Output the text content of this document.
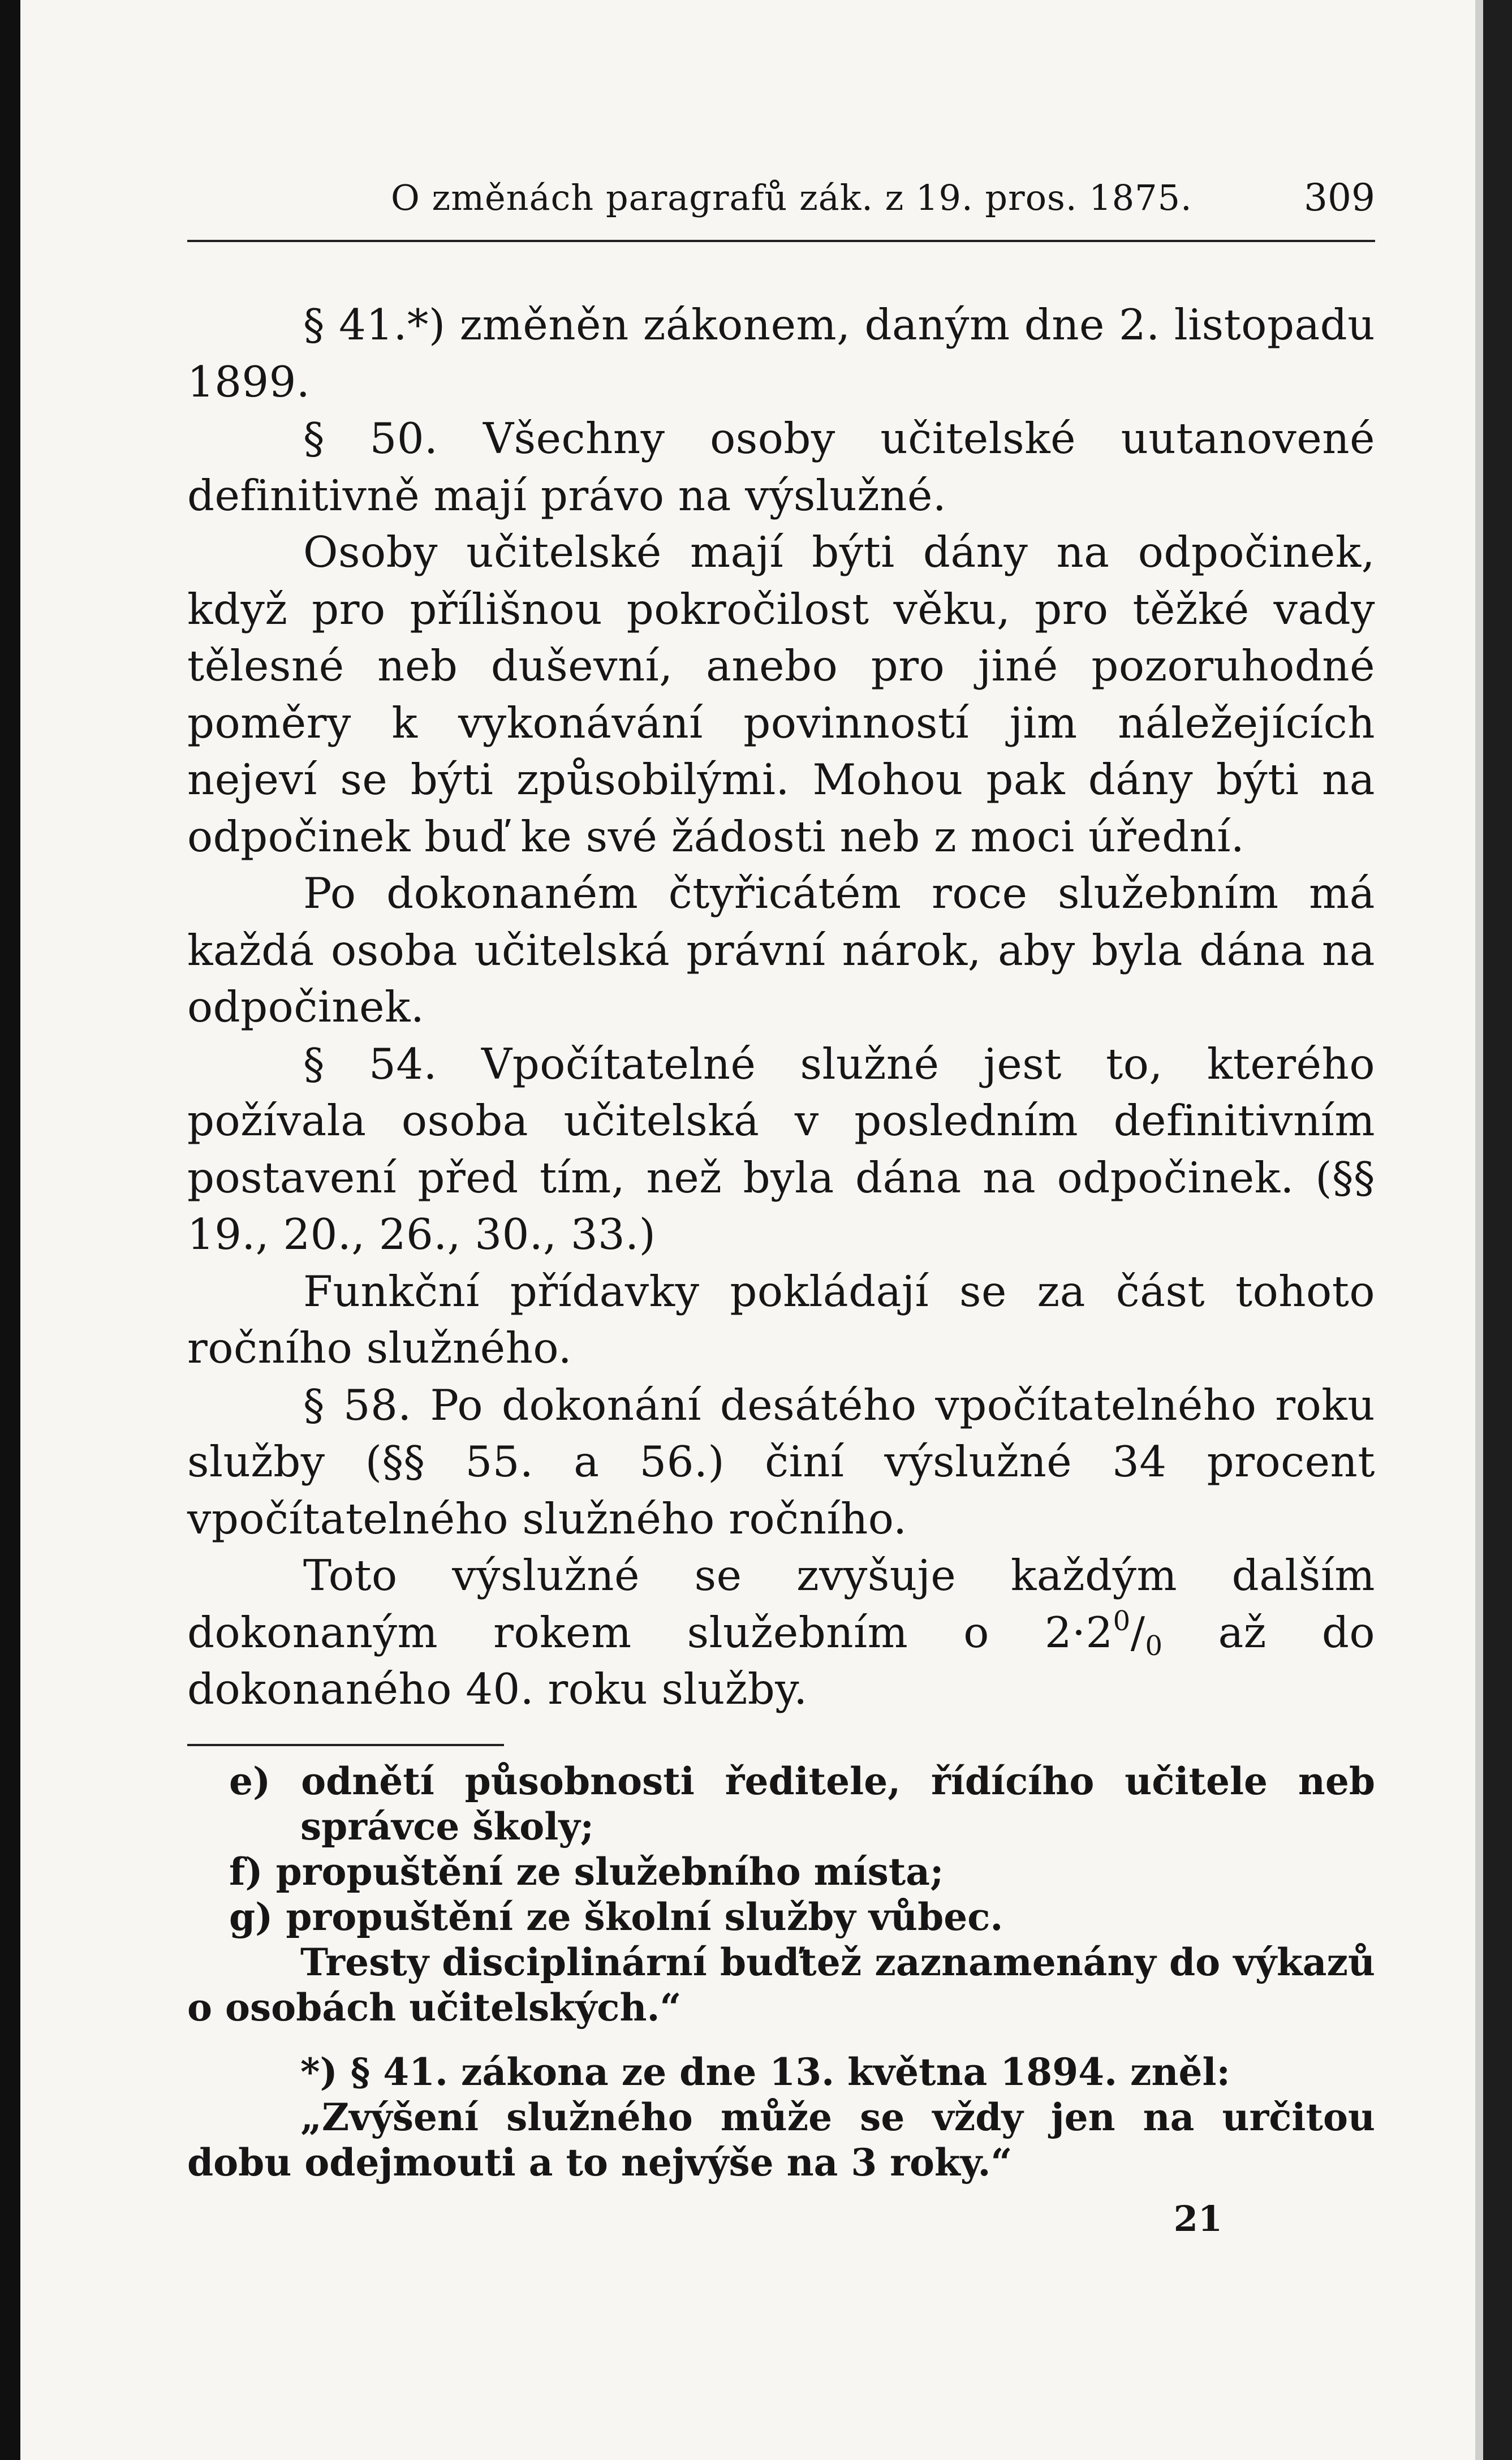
O změnách paragrafů zák. z 19. pros. 1875.	309

§ 41.*) změněn zákonem, daným dne 2. listopadu 1899.

§ 50. Všechny osoby učitelské uutanovené definitivně mají právo na výslužné.

Osoby učitelské mají býti dány na odpočinek, když pro přílišnou pokročilost věku, pro těžké vady tělesné neb duševní, anebo pro jiné pozoruhodné poměry k vykonávání povinností jim náležejících nejeví se býti způsobilými. Mohou pak dány býti na odpočinek buď ke své žádosti neb z moci úřední.

Po dokonaném čtyřicátém roce služebním má každá osoba učitelská právní nárok, aby byla dána na odpočinek.

§ 54. Vpočítatelné služné jest to, kterého požívala osoba učitelská v posledním definitivním postavení před tím, než byla dána na odpočinek. (§§ 19., 20., 26., 30., 33.)

Funkční přídavky pokládají se za část tohoto ročního služného.

§ 58. Po dokonání desátého vpočítatelného roku služby (§§ 55. a 56.) činí výslužné 34 procent vpočítatelného služného ročního.

Toto výslužné se zvyšuje každým dalším dokonaným rokem služebním o $2\cdot 2^0/_0$ až do dokonaného 40. roku služby.

e) odnětí působnosti ředitele, řídícího učitele neb správce školy;

f) propuštění ze služebního místa;

g) propuštění ze školní služby vůbec.

Tresty disciplinární buďtež zaznamenány do výkazů o osobách učitelských.“

*) § 41. zákona ze dne 13. května 1894. zněl:

„Zvýšení služného může se vždy jen na určitou dobu odejmouti a to nejvýše na 3 roky.“

21
